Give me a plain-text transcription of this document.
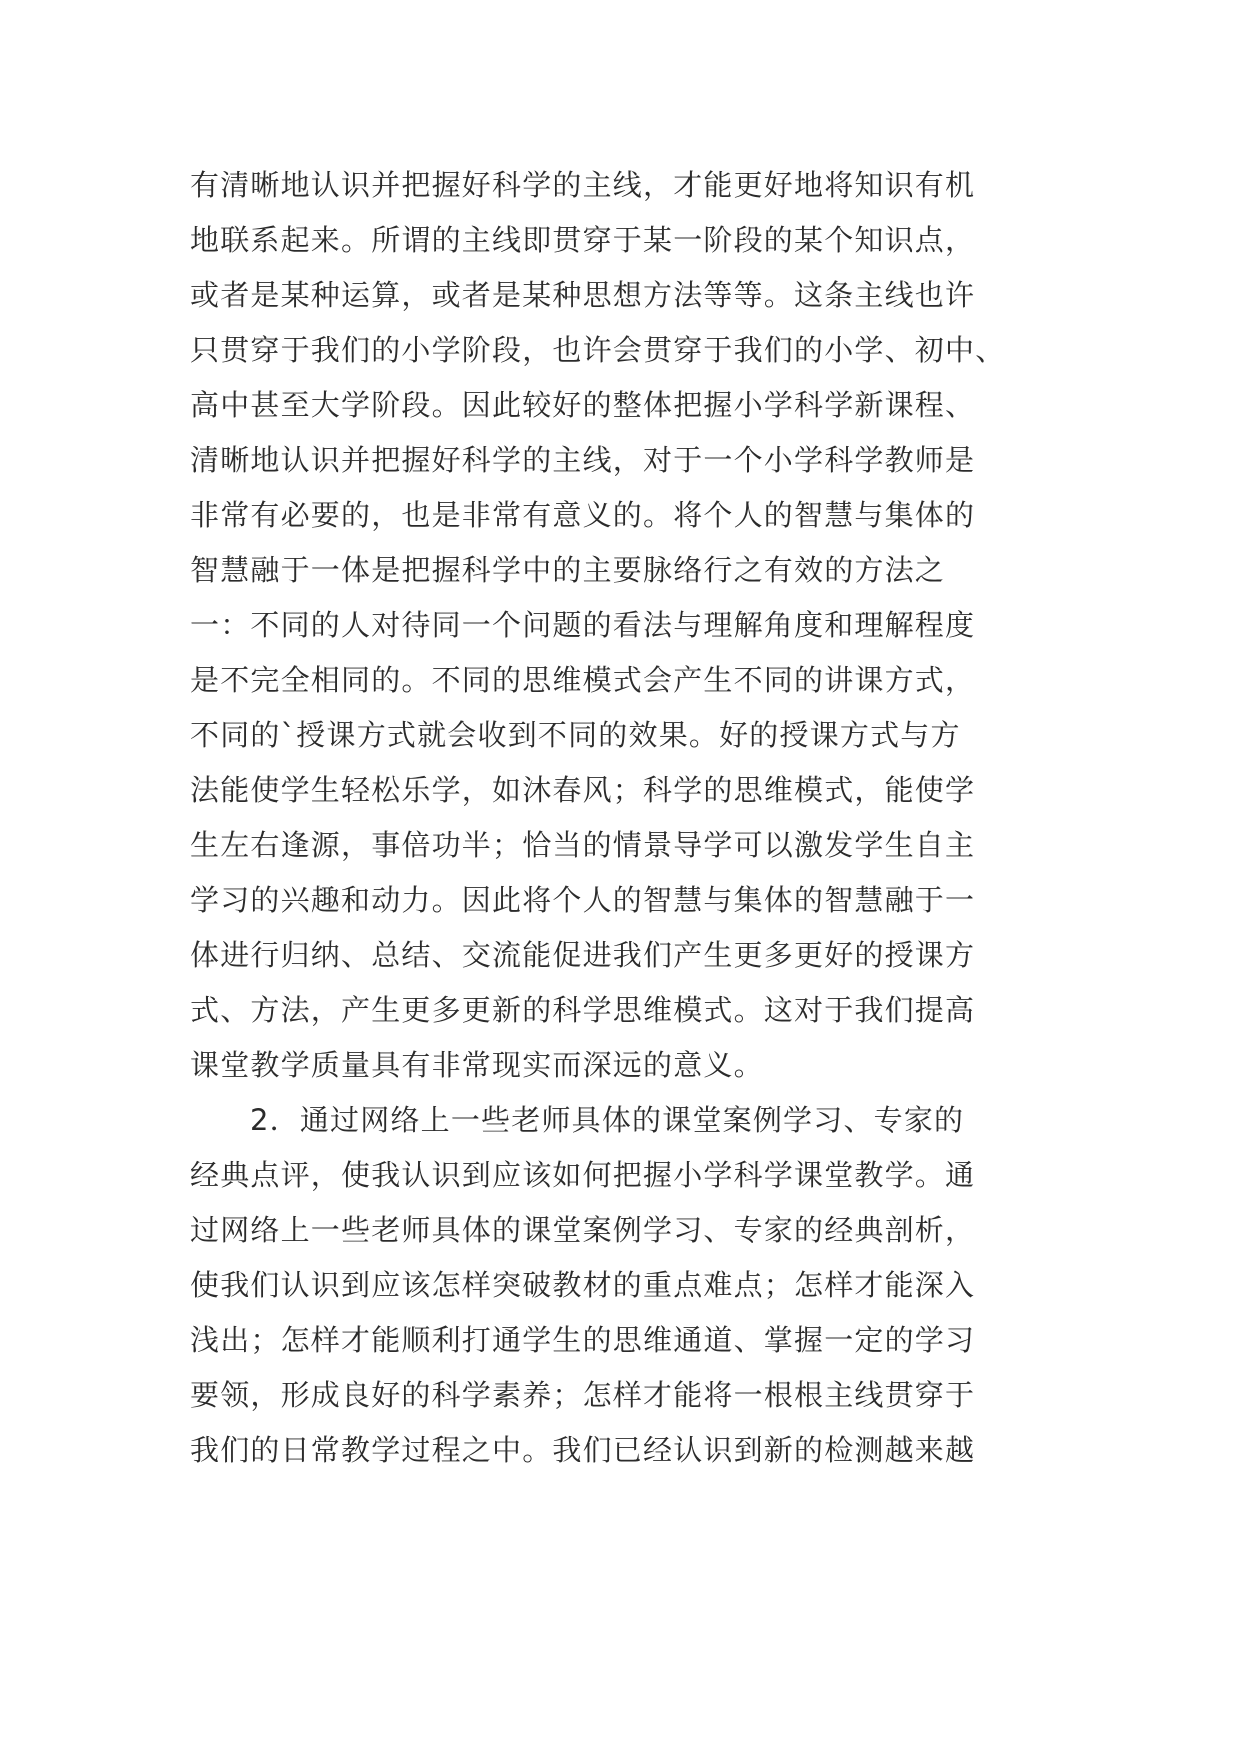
有清晰地认识并把握好科学的主线，才能更好地将知识有机
地联系起来。所谓的主线即贯穿于某一阶段的某个知识点，
或者是某种运算，或者是某种思想方法等等。这条主线也许
只贯穿于我们的小学阶段，也许会贯穿于我们的小学、初中、
高中甚至大学阶段。因此较好的整体把握小学科学新课程、
清晰地认识并把握好科学的主线，对于一个小学科学教师是
非常有必要的，也是非常有意义的。将个人的智慧与集体的
智慧融于一体是把握科学中的主要脉络行之有效的方法之
一：不同的人对待同一个问题的看法与理解角度和理解程度
是不完全相同的。不同的思维模式会产生不同的讲课方式，
不同的`授课方式就会收到不同的效果。好的授课方式与方
法能使学生轻松乐学，如沐春风；科学的思维模式，能使学
生左右逢源，事倍功半；恰当的情景导学可以激发学生自主
学习的兴趣和动力。因此将个人的智慧与集体的智慧融于一
体进行归纳、总结、交流能促进我们产生更多更好的授课方
式、方法，产生更多更新的科学思维模式。这对于我们提高
课堂教学质量具有非常现实而深远的意义。
2．通过网络上一些老师具体的课堂案例学习、专家的
经典点评，使我认识到应该如何把握小学科学课堂教学。通
过网络上一些老师具体的课堂案例学习、专家的经典剖析，
使我们认识到应该怎样突破教材的重点难点；怎样才能深入
浅出；怎样才能顺利打通学生的思维通道、掌握一定的学习
要领，形成良好的科学素养；怎样才能将一根根主线贯穿于
我们的日常教学过程之中。我们已经认识到新的检测越来越
